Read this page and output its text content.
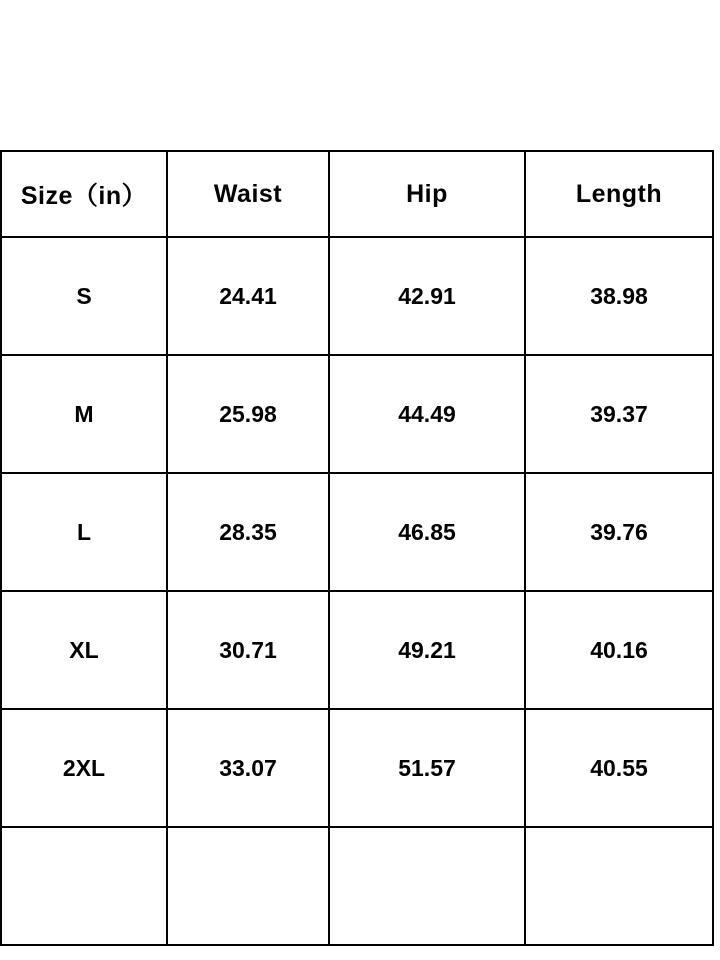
Size（in）	Waist	Hip	Length
S	24.41	42.91	38.98
M	25.98	44.49	39.37
L	28.35	46.85	39.76
XL	30.71	49.21	40.16
2XL	33.07	51.57	40.55
